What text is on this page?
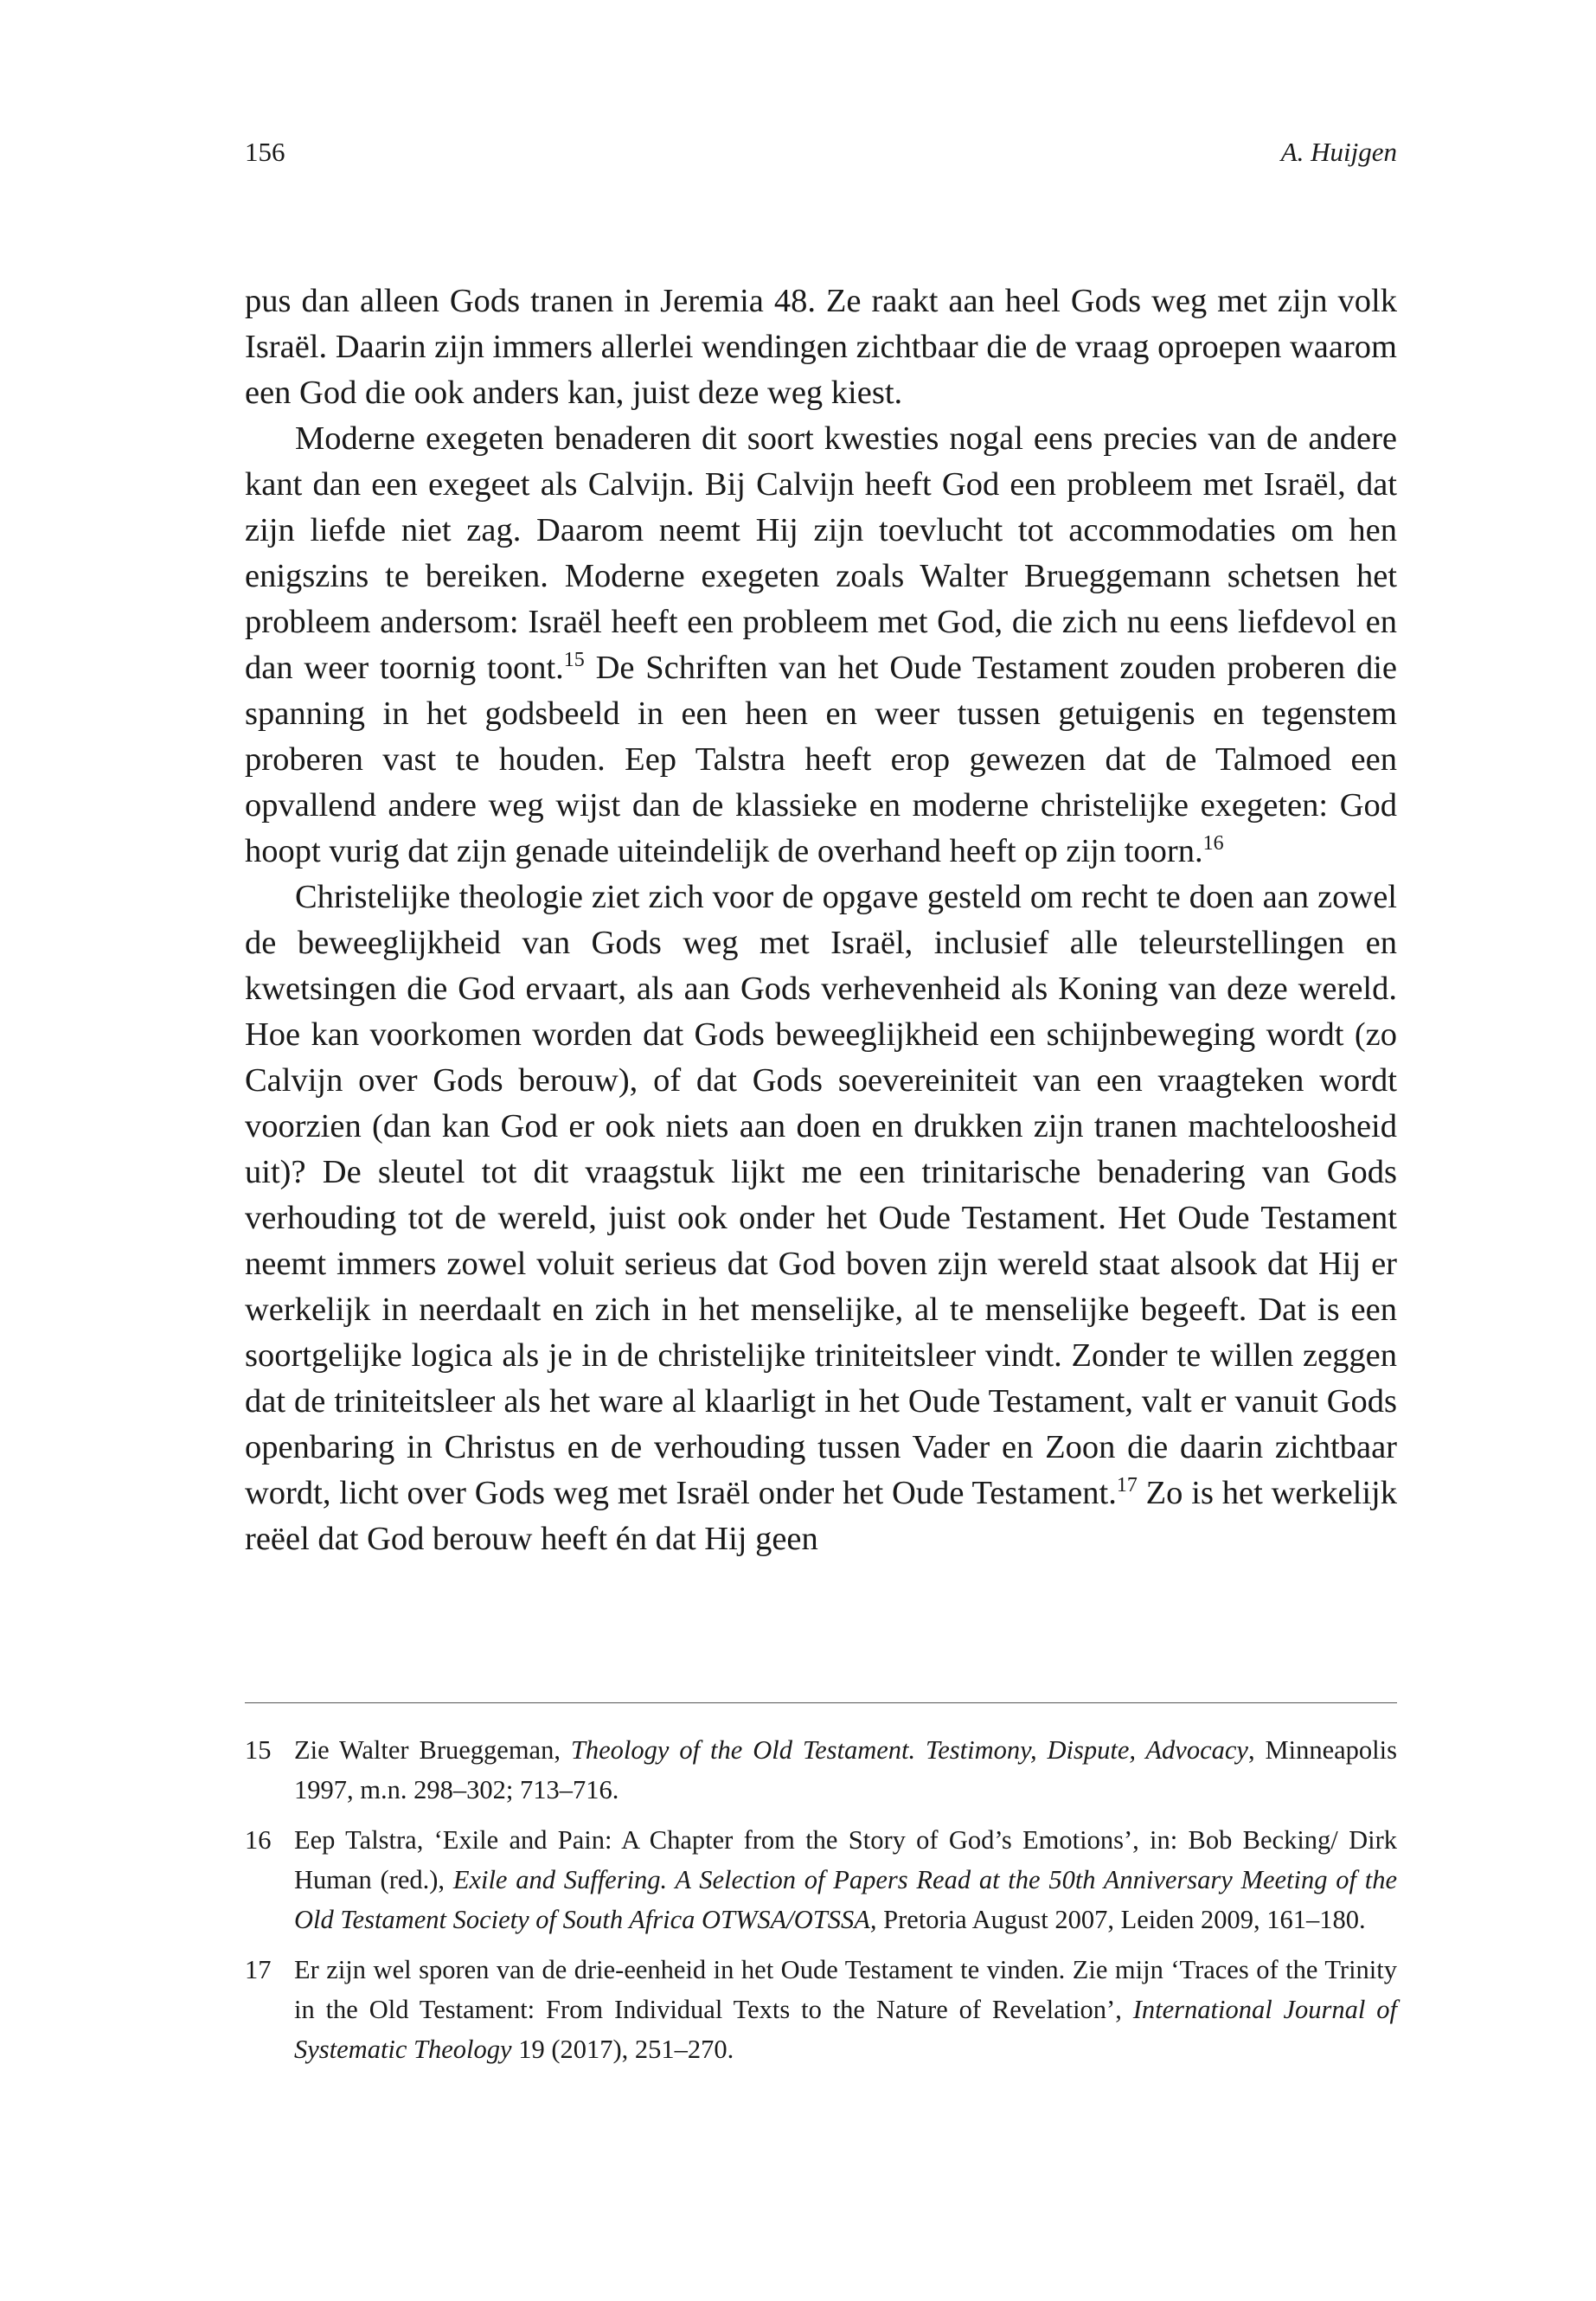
156	A. Huijgen

pus dan alleen Gods tranen in Jeremia 48. Ze raakt aan heel Gods weg met zijn volk Israël. Daarin zijn immers allerlei wendingen zichtbaar die de vraag oproepen waarom een God die ook anders kan, juist deze weg kiest.

Moderne exegeten benaderen dit soort kwesties nogal eens precies van de andere kant dan een exegeet als Calvijn. Bij Calvijn heeft God een probleem met Israël, dat zijn liefde niet zag. Daarom neemt Hij zijn toevlucht tot accommodaties om hen enigszins te bereiken. Moderne exegeten zoals Walter Brueggemann schetsen het probleem andersom: Israël heeft een probleem met God, die zich nu eens liefdevol en dan weer toornig toont.$^{15}$ De Schriften van het Oude Testament zouden proberen die spanning in het godsbeeld in een heen en weer tussen getuigenis en tegenstem proberen vast te houden. Eep Talstra heeft erop gewezen dat de Talmoed een opvallend andere weg wijst dan de klassieke en moderne christelijke exegeten: God hoopt vurig dat zijn genade uiteindelijk de overhand heeft op zijn toorn.$^{16}$

Christelijke theologie ziet zich voor de opgave gesteld om recht te doen aan zowel de beweeglijkheid van Gods weg met Israël, inclusief alle teleurstellingen en kwetsingen die God ervaart, als aan Gods verhevenheid als Koning van deze wereld. Hoe kan voorkomen worden dat Gods beweeglijkheid een schijnbeweging wordt (zo Calvijn over Gods berouw), of dat Gods soevereiniteit van een vraagteken wordt voorzien (dan kan God er ook niets aan doen en drukken zijn tranen machteloosheid uit)? De sleutel tot dit vraagstuk lijkt me een trinitarische benadering van Gods verhouding tot de wereld, juist ook onder het Oude Testament. Het Oude Testament neemt immers zowel voluit serieus dat God boven zijn wereld staat alsook dat Hij er werkelijk in neerdaalt en zich in het menselijke, al te menselijke begeeft. Dat is een soortgelijke logica als je in de christelijke triniteitsleer vindt. Zonder te willen zeggen dat de triniteitsleer als het ware al klaarligt in het Oude Testament, valt er vanuit Gods openbaring in Christus en de verhouding tussen Vader en Zoon die daarin zichtbaar wordt, licht over Gods weg met Israël onder het Oude Testament.$^{17}$ Zo is het werkelijk reëel dat God berouw heeft én dat Hij geen

15 Zie Walter Brueggeman, Theology of the Old Testament. Testimony, Dispute, Advocacy, Minneapolis 1997, m.n. 298–302; 713–716.
16 Eep Talstra, ‘Exile and Pain: A Chapter from the Story of God’s Emotions’, in: Bob Becking/ Dirk Human (red.), Exile and Suffering. A Selection of Papers Read at the 50th Anniversary Meeting of the Old Testament Society of South Africa OTWSA/OTSSA, Pretoria August 2007, Leiden 2009, 161–180.
17 Er zijn wel sporen van de drie-eenheid in het Oude Testament te vinden. Zie mijn ‘Traces of the Trinity in the Old Testament: From Individual Texts to the Nature of Revelation’, International Journal of Systematic Theology 19 (2017), 251–270.
